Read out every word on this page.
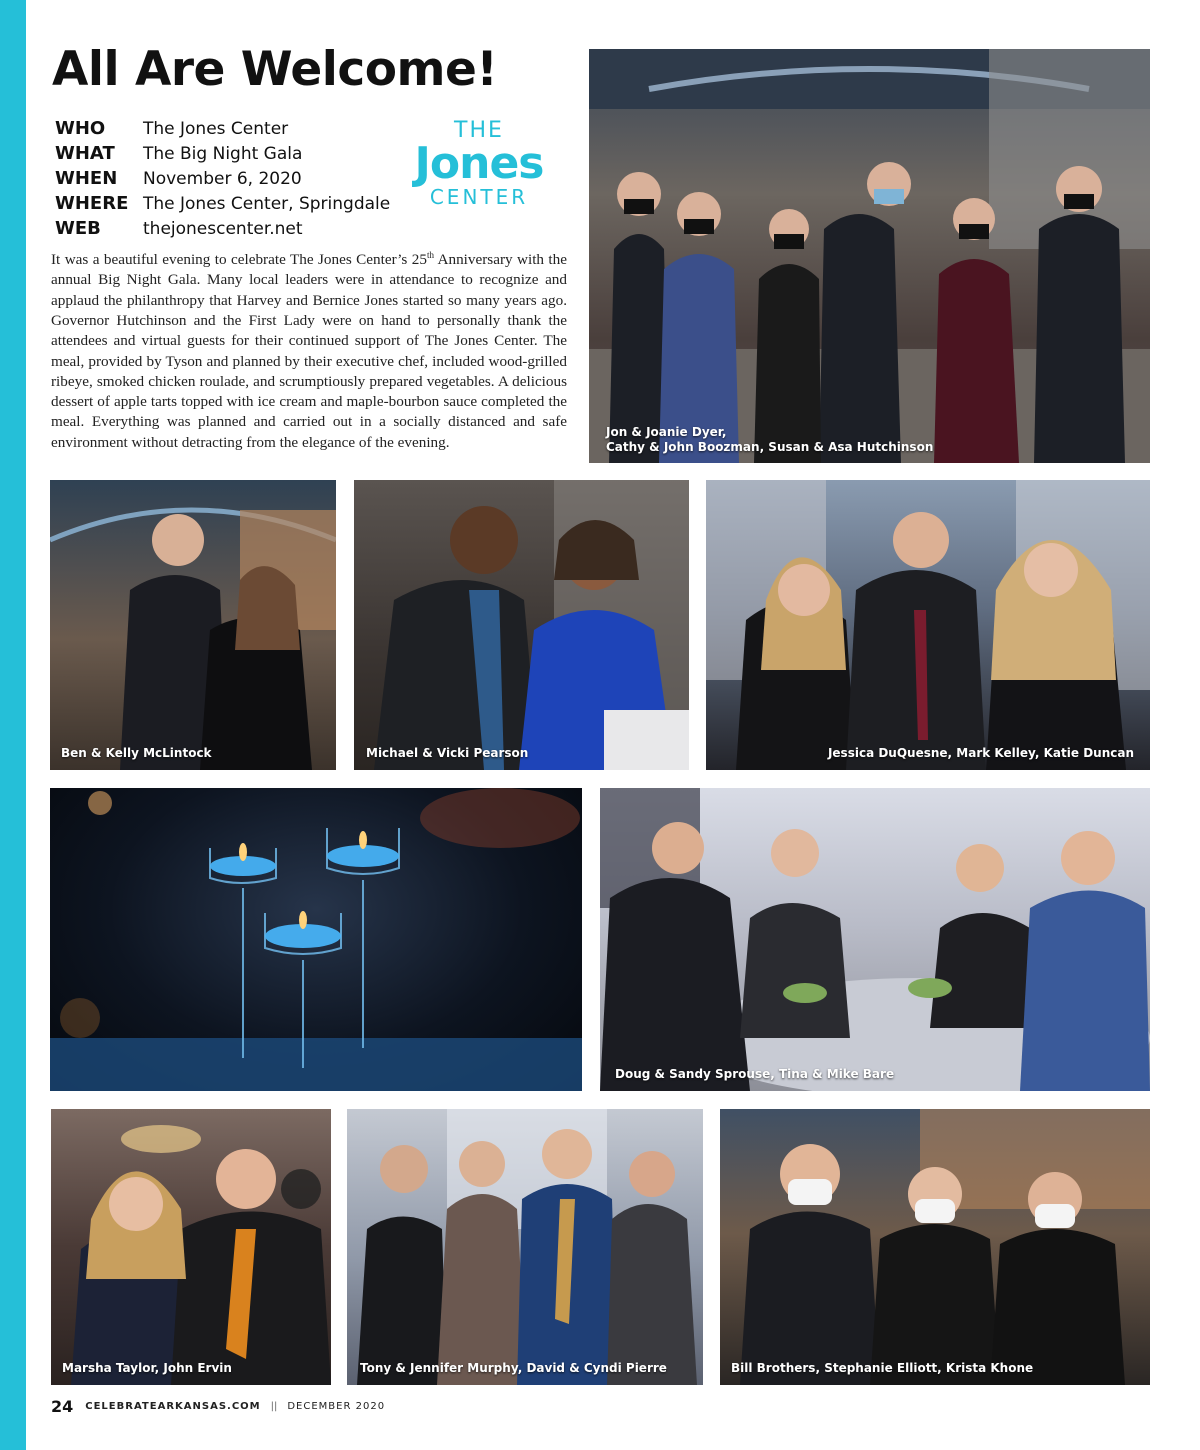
All Are Welcome!
WHO	The Jones Center
WHAT	The Big Night Gala
WHEN	November 6, 2020
WHERE The Jones Center, Springdale
WEB	thejonescenter.net
THE
Jones
CENTER

It was a beautiful evening to celebrate The Jones Center’s 25th Anniversary with the annual Big Night Gala. Many local leaders were in attendance to recognize and applaud the philanthropy that Harvey and Bernice Jones started so many years ago. Governor Hutchinson and the First Lady were on hand to personally thank the attendees and virtual guests for their continued support of The Jones Center. The meal, provided by Tyson and planned by their executive chef, included wood-grilled ribeye, smoked chicken roulade, and scrumptiously prepared vegetables. A delicious dessert of apple tarts topped with ice cream and maple-bourbon sauce completed the meal. Everything was planned and carried out in a socially distanced and safe environment without detracting from the elegance of the evening.

Jon & Joanie Dyer,
Cathy & John Boozman, Susan & Asa Hutchinson
Ben & Kelly McLintock	Michael & Vicki Pearson	Jessica DuQuesne, Mark Kelley, Katie Duncan
Doug & Sandy Sprouse, Tina & Mike Bare
Marsha Taylor, John Ervin	Tony & Jennifer Murphy, David & Cyndi Pierre	Bill Brothers, Stephanie Elliott, Krista Khone
24 CELEBRATEARKANSAS.COM || DECEMBER 2020
